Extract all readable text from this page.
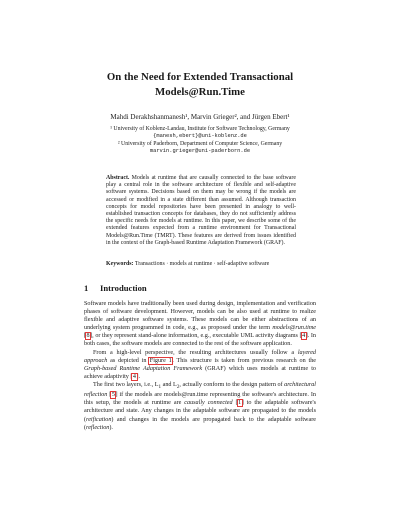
On the Need for Extended Transactional
Models@Run.Time
Mahdi Derakhshanmanesh¹, Marvin Grieger², and Jürgen Ebert¹
¹ University of Koblenz-Landau, Institute for Software Technology, Germany
{manesh,ebert}@uni-koblenz.de
² University of Paderborn, Department of Computer Science, Germany
marvin.grieger@uni-paderborn.de
Abstract. Models at runtime that are causally connected to the base software play a central role in the software architecture of flexible and self-adaptive software systems. Decisions based on them may be wrong if the models are accessed or modified in a state different than assumed. Although transaction concepts for model repositories have been presented in analogy to well-established transaction concepts for databases, they do not sufficiently address the specific needs for models at runtime. In this paper, we describe some of the extended features expected from a runtime environment for Transactional Models@Run.Time (TMRT). These features are derived from issues identified in the context of the Graph-based Runtime Adaptation Framework (GRAF).
Keywords: Transactions · models at runtime · self-adaptive software
1 Introduction

Software models have traditionally been used during design, implementation and verification phases of software development. However, models can be also used at runtime to realize flexible and adaptive software systems. These models can be either abstractions of an underlying system programmed in code, e.g., as proposed under the term models@run.time [8], or they represent stand-alone information, e.g., executable UML activity diagrams [4]. In both cases, the software models are connected to the rest of the software application.

From a high-level perspective, the resulting architectures usually follow a layered approach as depicted in Figure 1. This structure is taken from previous research on the Graph-based Runtime Adaptation Framework (GRAF) which uses models at runtime to achieve adaptivity [4].

The first two layers, i.e., $L_1$ and $L_2$, actually conform to the design pattern of architectural reflection [5] if the models are models@run.time representing the software's architecture. In this setup, the models at runtime are causally connected [1] to the adaptable software's architecture and state. Any changes in the adaptable software are propagated to the models (reification) and changes in the models are propagated back to the adaptable software (reflection).
